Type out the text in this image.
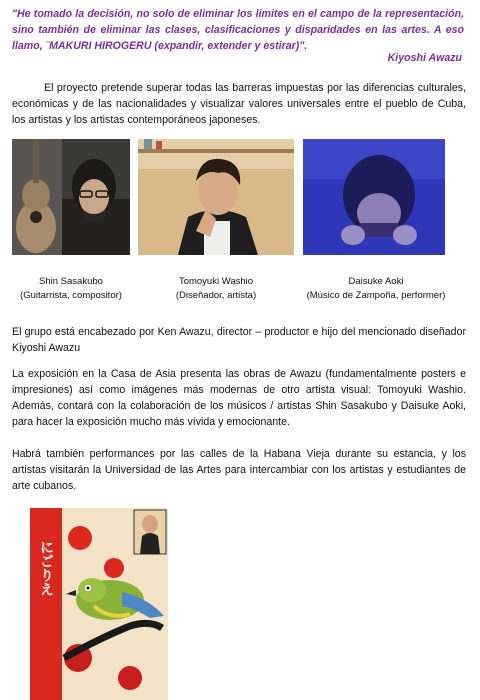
"He tomado la decisión, no solo de eliminar los limites en el campo de la representación, sino también de eliminar las clases, clasificaciones y disparidades en las artes. A eso llamo, ¨MAKURI HIROGERU (expandir, extender y estirar)".
Kiyoshi Awazu
El proyecto pretende superar todas las barreras impuestas por las diferencias culturales, económicas y de las nacionalidades y visualizar valores universales entre el pueblo de Cuba, los artistas y los artistas contemporáneos japoneses.
Shin Sasakubo
(Guitarrista, compositor)
Tomoyuki Washio
(Diseñador, artista)
Daisuke Aoki
(Músico de Zampoña, performer)
El grupo está encabezado por Ken Awazu, director – productor e hijo del mencionado diseñador Kiyoshi Awazu
La exposición en la Casa de Asia presenta las obras de Awazu (fundamentalmente posters e impresiones) así como imágenes más modernas de otro artista visual: Tomoyuki Washio. Además, contará con la colaboración de los músicos / artistas Shin Sasakubo y Daisuke Aoki, para hacer la exposición mucho más vívida y emocionante.
Habrá también performances por las calles de la Habana Vieja durante su estancia, y los artistas visitarán la Universidad de las Artes para intercambiar con los artistas y estudiantes de arte cubanos.
にごりえ
